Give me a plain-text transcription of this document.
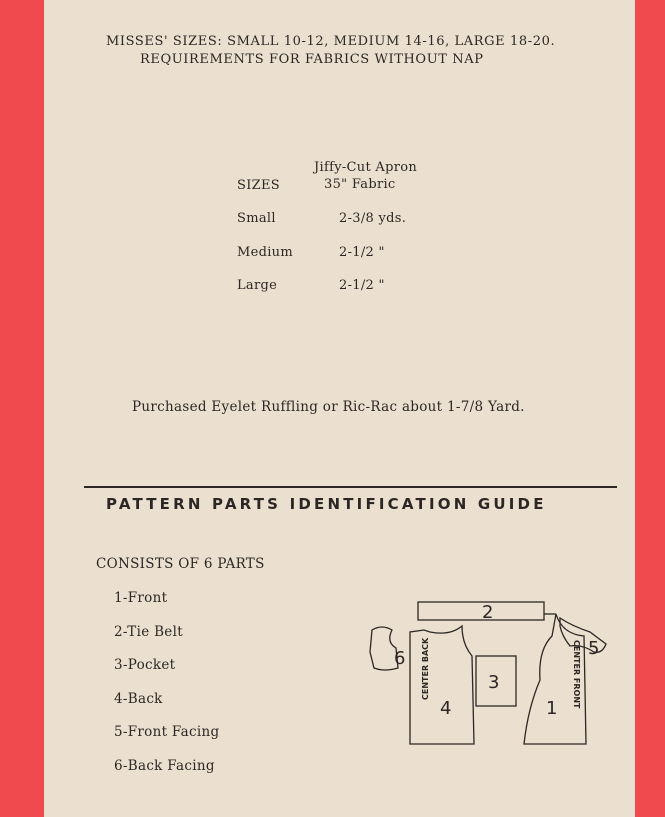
MISSES' SIZES: SMALL 10-12, MEDIUM 14-16, LARGE 18-20.
REQUIREMENTS FOR FABRICS WITHOUT NAP
Jiffy-Cut Apron
35" Fabric
SIZES
Small	2-3/8 yds.
Medium	2-1/2 "
Large	2-1/2 "
Purchased Eyelet Ruffling or Ric-Rac about 1-7/8 Yard.
PATTERN PARTS IDENTIFICATION GUIDE
CONSISTS OF 6 PARTS
1-Front
2-Tie Belt
3-Pocket
4-Back
5-Front Facing
6-Back Facing
2
3
4	1
5
6 CENTER BACK	CENTER FRONT
